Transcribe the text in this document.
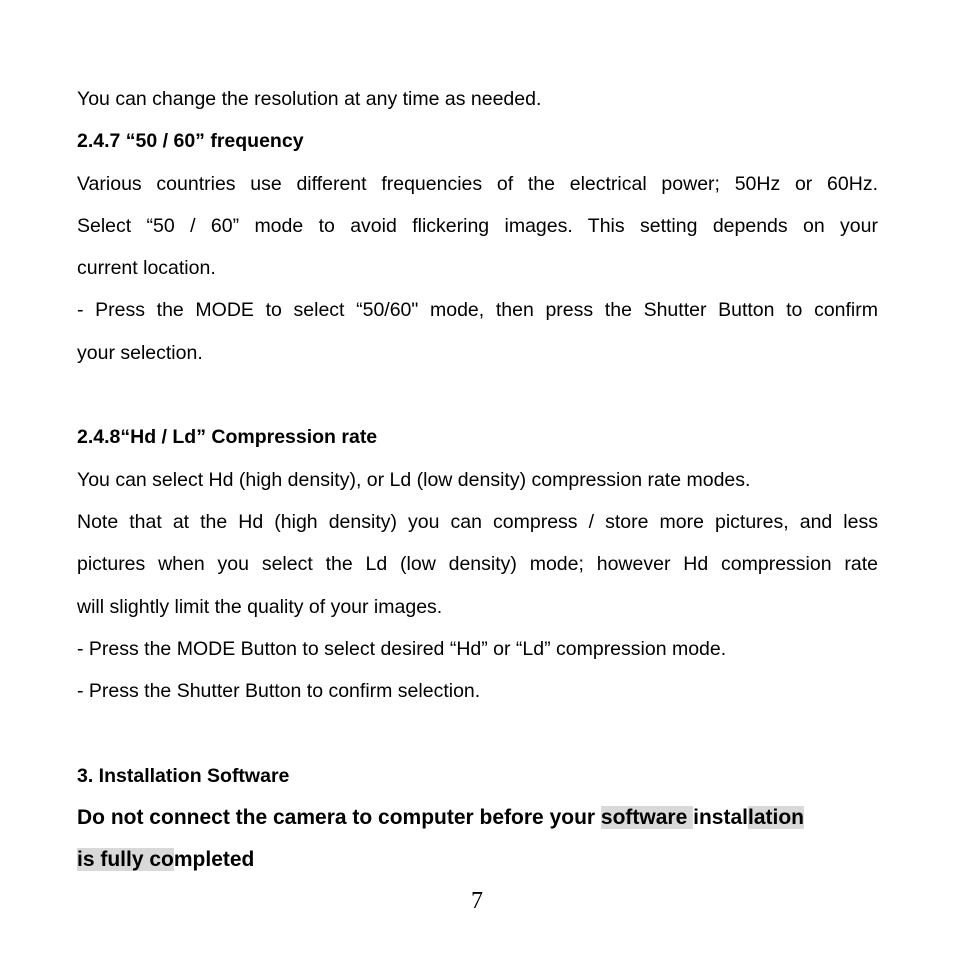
You can change the resolution at any time as needed.
2.4.7 “50 / 60” frequency
Various countries use different frequencies of the electrical power; 50Hz or 60Hz.
Select “50 / 60” mode to avoid flickering images. This setting depends on your
current location.
- Press the MODE to select “50/60" mode, then press the Shutter Button to confirm
your selection.
2.4.8“Hd / Ld” Compression rate
You can select Hd (high density), or Ld (low density) compression rate modes.
Note that at the Hd (high density) you can compress / store more pictures, and less
pictures when you select the Ld (low density) mode; however Hd compression rate
will slightly limit the quality of your images.
- Press the MODE Button to select desired “Hd” or “Ld” compression mode.
- Press the Shutter Button to confirm selection.
3. Installation Software
Do not connect the camera to computer before your software installation
is fully completed
7
